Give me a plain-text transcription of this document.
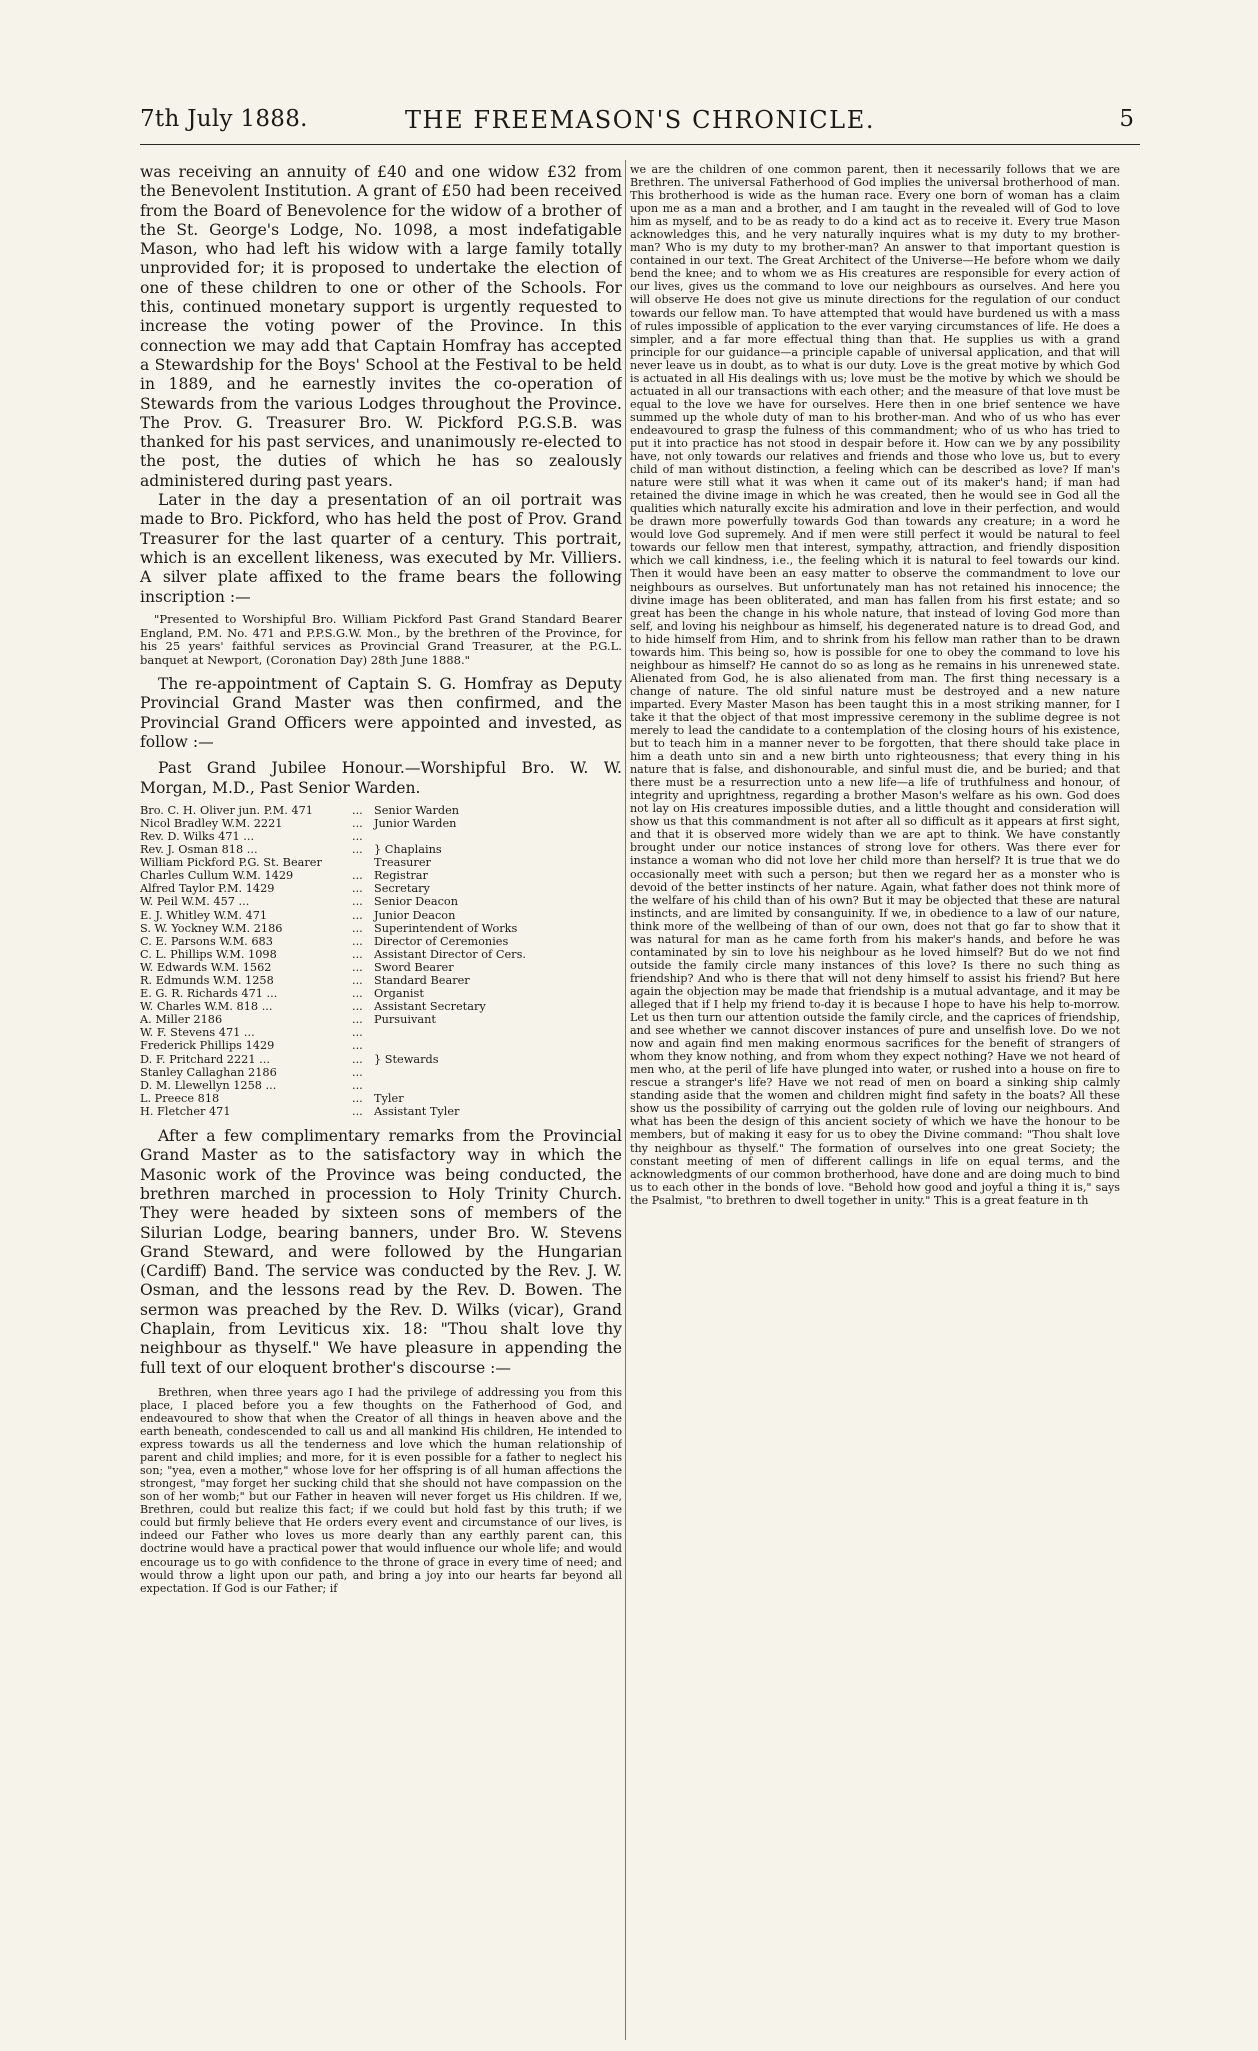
7th July 1888.	THE FREEMASON'S CHRONICLE.	5

was receiving an annuity of £40 and one widow £32 from the Benevolent Institution. A grant of £50 had been received from the Board of Benevolence for the widow of a brother of the St. George's Lodge, No. 1098, a most indefatigable Mason, who had left his widow with a large family totally unprovided for; it is proposed to undertake the election of one of these children to one or other of the Schools. For this, continued monetary support is urgently requested to increase the voting power of the Province. In this connection we may add that Captain Homfray has accepted a Stewardship for the Boys' School at the Festival to be held in 1889, and he earnestly invites the co-operation of Stewards from the various Lodges throughout the Province. The Prov. G. Treasurer Bro. W. Pickford P.G.S.B. was thanked for his past services, and unanimously re-elected to the post, the duties of which he has so zealously administered during past years.

Later in the day a presentation of an oil portrait was made to Bro. Pickford, who has held the post of Prov. Grand Treasurer for the last quarter of a century. This portrait, which is an excellent likeness, was executed by Mr. Villiers. A silver plate affixed to the frame bears the following inscription :—

"Presented to Worshipful Bro. William Pickford Past Grand Standard Bearer England, P.M. No. 471 and P.P.S.G.W. Mon., by the brethren of the Province, for his 25 years' faithful services as Provincial Grand Treasurer, at the P.G.L. banquet at Newport, (Coronation Day) 28th June 1888."

The re-appointment of Captain S. G. Homfray as Deputy Provincial Grand Master was then confirmed, and the Provincial Grand Officers were appointed and invested, as follow :—

Past Grand Jubilee Honour.—Worshipful Bro. W. W. Morgan, M.D., Past Senior Warden.

Bro. C. H. Oliver jun. P.M. 471	... Senior Warden
Nicol Bradley W.M. 2221	... Junior Warden
Rev. D. Wilks 471 ...	...
Rev. J. Osman 818 ...	... } Chaplains
William Pickford P.G. St. Bearer	Treasurer
Charles Cullum W.M. 1429	... Registrar
Alfred Taylor P.M. 1429	... Secretary
W. Peil W.M. 457 ...	... Senior Deacon
E. J. Whitley W.M. 471	... Junior Deacon
S. W. Yockney W.M. 2186	... Superintendent of Works
C. E. Parsons W.M. 683	... Director of Ceremonies
C. L. Phillips W.M. 1098	... Assistant Director of Cers.
W. Edwards W.M. 1562	... Sword Bearer
R. Edmunds W.M. 1258	... Standard Bearer
E. G. R. Richards 471 ...	... Organist
W. Charles W.M. 818 ...	... Assistant Secretary
A. Miller 2186	... Pursuivant
W. F. Stevens 471 ...	...
Frederick Phillips 1429	...
D. F. Pritchard 2221 ...	... } Stewards
Stanley Callaghan 2186	...
D. M. Llewellyn 1258 ...	...
L. Preece 818	... Tyler
H. Fletcher 471	... Assistant Tyler

After a few complimentary remarks from the Provincial Grand Master as to the satisfactory way in which the Masonic work of the Province was being conducted, the brethren marched in procession to Holy Trinity Church. They were headed by sixteen sons of members of the Silurian Lodge, bearing banners, under Bro. W. Stevens Grand Steward, and were followed by the Hungarian (Cardiff) Band. The service was conducted by the Rev. J. W. Osman, and the lessons read by the Rev. D. Bowen. The sermon was preached by the Rev. D. Wilks (vicar), Grand Chaplain, from Leviticus xix. 18: "Thou shalt love thy neighbour as thyself." We have pleasure in appending the full text of our eloquent brother's discourse :—

Brethren, when three years ago I had the privilege of addressing you from this place, I placed before you a few thoughts on the Fatherhood of God, and endeavoured to show that when the Creator of all things in heaven above and the earth beneath, condescended to call us and all mankind His children, He intended to express towards us all the tenderness and love which the human relationship of parent and child implies; and more, for it is even possible for a father to neglect his son; "yea, even a mother," whose love for her offspring is of all human affections the strongest, "may forget her sucking child that she should not have compassion on the son of her womb;" but our Father in heaven will never forget us His children. If we, Brethren, could but realize this fact; if we could but hold fast by this truth; if we could but firmly believe that He orders every event and circumstance of our lives, is indeed our Father who loves us more dearly than any earthly parent can, this doctrine would have a practical power that would influence our whole life; and would encourage us to go with confidence to the throne of grace in every time of need; and would throw a light upon our path, and bring a joy into our hearts far beyond all expectation. If God is our Father; if

we are the children of one common parent, then it necessarily follows that we are Brethren. The universal Fatherhood of God implies the universal brotherhood of man. This brotherhood is wide as the human race. Every one born of woman has a claim upon me as a man and a brother, and I am taught in the revealed will of God to love him as myself, and to be as ready to do a kind act as to receive it. Every true Mason acknowledges this, and he very naturally inquires what is my duty to my brother-man? Who is my duty to my brother-man? An answer to that important question is contained in our text. The Great Architect of the Universe—He before whom we daily bend the knee; and to whom we as His creatures are responsible for every action of our lives, gives us the command to love our neighbours as ourselves. And here you will observe He does not give us minute directions for the regulation of our conduct towards our fellow man. To have attempted that would have burdened us with a mass of rules impossible of application to the ever varying circumstances of life. He does a simpler, and a far more effectual thing than that. He supplies us with a grand principle for our guidance—a principle capable of universal application, and that will never leave us in doubt, as to what is our duty. Love is the great motive by which God is actuated in all His dealings with us; love must be the motive by which we should be actuated in all our transactions with each other; and the measure of that love must be equal to the love we have for ourselves. Here then in one brief sentence we have summed up the whole duty of man to his brother-man. And who of us who has ever endeavoured to grasp the fulness of this commandment; who of us who has tried to put it into practice has not stood in despair before it. How can we by any possibility have, not only towards our relatives and friends and those who love us, but to every child of man without distinction, a feeling which can be described as love? If man's nature were still what it was when it came out of its maker's hand; if man had retained the divine image in which he was created, then he would see in God all the qualities which naturally excite his admiration and love in their perfection, and would be drawn more powerfully towards God than towards any creature; in a word he would love God supremely. And if men were still perfect it would be natural to feel towards our fellow men that interest, sympathy, attraction, and friendly disposition which we call kindness, i.e., the feeling which it is natural to feel towards our kind. Then it would have been an easy matter to observe the commandment to love our neighbours as ourselves. But unfortunately man has not retained his innocence; the divine image has been obliterated, and man has fallen from his first estate; and so great has been the change in his whole nature, that instead of loving God more than self, and loving his neighbour as himself, his degenerated nature is to dread God, and to hide himself from Him, and to shrink from his fellow man rather than to be drawn towards him. This being so, how is possible for one to obey the command to love his neighbour as himself? He cannot do so as long as he remains in his unrenewed state. Alienated from God, he is also alienated from man. The first thing necessary is a change of nature. The old sinful nature must be destroyed and a new nature imparted. Every Master Mason has been taught this in a most striking manner, for I take it that the object of that most impressive ceremony in the sublime degree is not merely to lead the candidate to a contemplation of the closing hours of his existence, but to teach him in a manner never to be forgotten, that there should take place in him a death unto sin and a new birth unto righteousness; that every thing in his nature that is false, and dishonourable, and sinful must die, and be buried; and that there must be a resurrection unto a new life—a life of truthfulness and honour, of integrity and uprightness, regarding a brother Mason's welfare as his own. God does not lay on His creatures impossible duties, and a little thought and consideration will show us that this commandment is not after all so difficult as it appears at first sight, and that it is observed more widely than we are apt to think. We have constantly brought under our notice instances of strong love for others. Was there ever for instance a woman who did not love her child more than herself? It is true that we do occasionally meet with such a person; but then we regard her as a monster who is devoid of the better instincts of her nature. Again, what father does not think more of the welfare of his child than of his own? But it may be objected that these are natural instincts, and are limited by consanguinity. If we, in obedience to a law of our nature, think more of the wellbeing of than of our own, does not that go far to show that it was natural for man as he came forth from his maker's hands, and before he was contaminated by sin to love his neighbour as he loved himself? But do we not find outside the family circle many instances of this love? Is there no such thing as friendship? And who is there that will not deny himself to assist his friend? But here again the objection may be made that friendship is a mutual advantage, and it may be alleged that if I help my friend to-day it is because I hope to have his help to-morrow. Let us then turn our attention outside the family circle, and the caprices of friendship, and see whether we cannot discover instances of pure and unselfish love. Do we not now and again find men making enormous sacrifices for the benefit of strangers of whom they know nothing, and from whom they expect nothing? Have we not heard of men who, at the peril of life have plunged into water, or rushed into a house on fire to rescue a stranger's life? Have we not read of men on board a sinking ship calmly standing aside that the women and children might find safety in the boats? All these show us the possibility of carrying out the golden rule of loving our neighbours. And what has been the design of this ancient society of which we have the honour to be members, but of making it easy for us to obey the Divine command: "Thou shalt love thy neighbour as thyself." The formation of ourselves into one great Society; the constant meeting of men of different callings in life on equal terms, and the acknowledgments of our common brotherhood, have done and are doing much to bind us to each other in the bonds of love. "Behold how good and joyful a thing it is," says the Psalmist, "to brethren to dwell together in unity." This is a great feature in th
